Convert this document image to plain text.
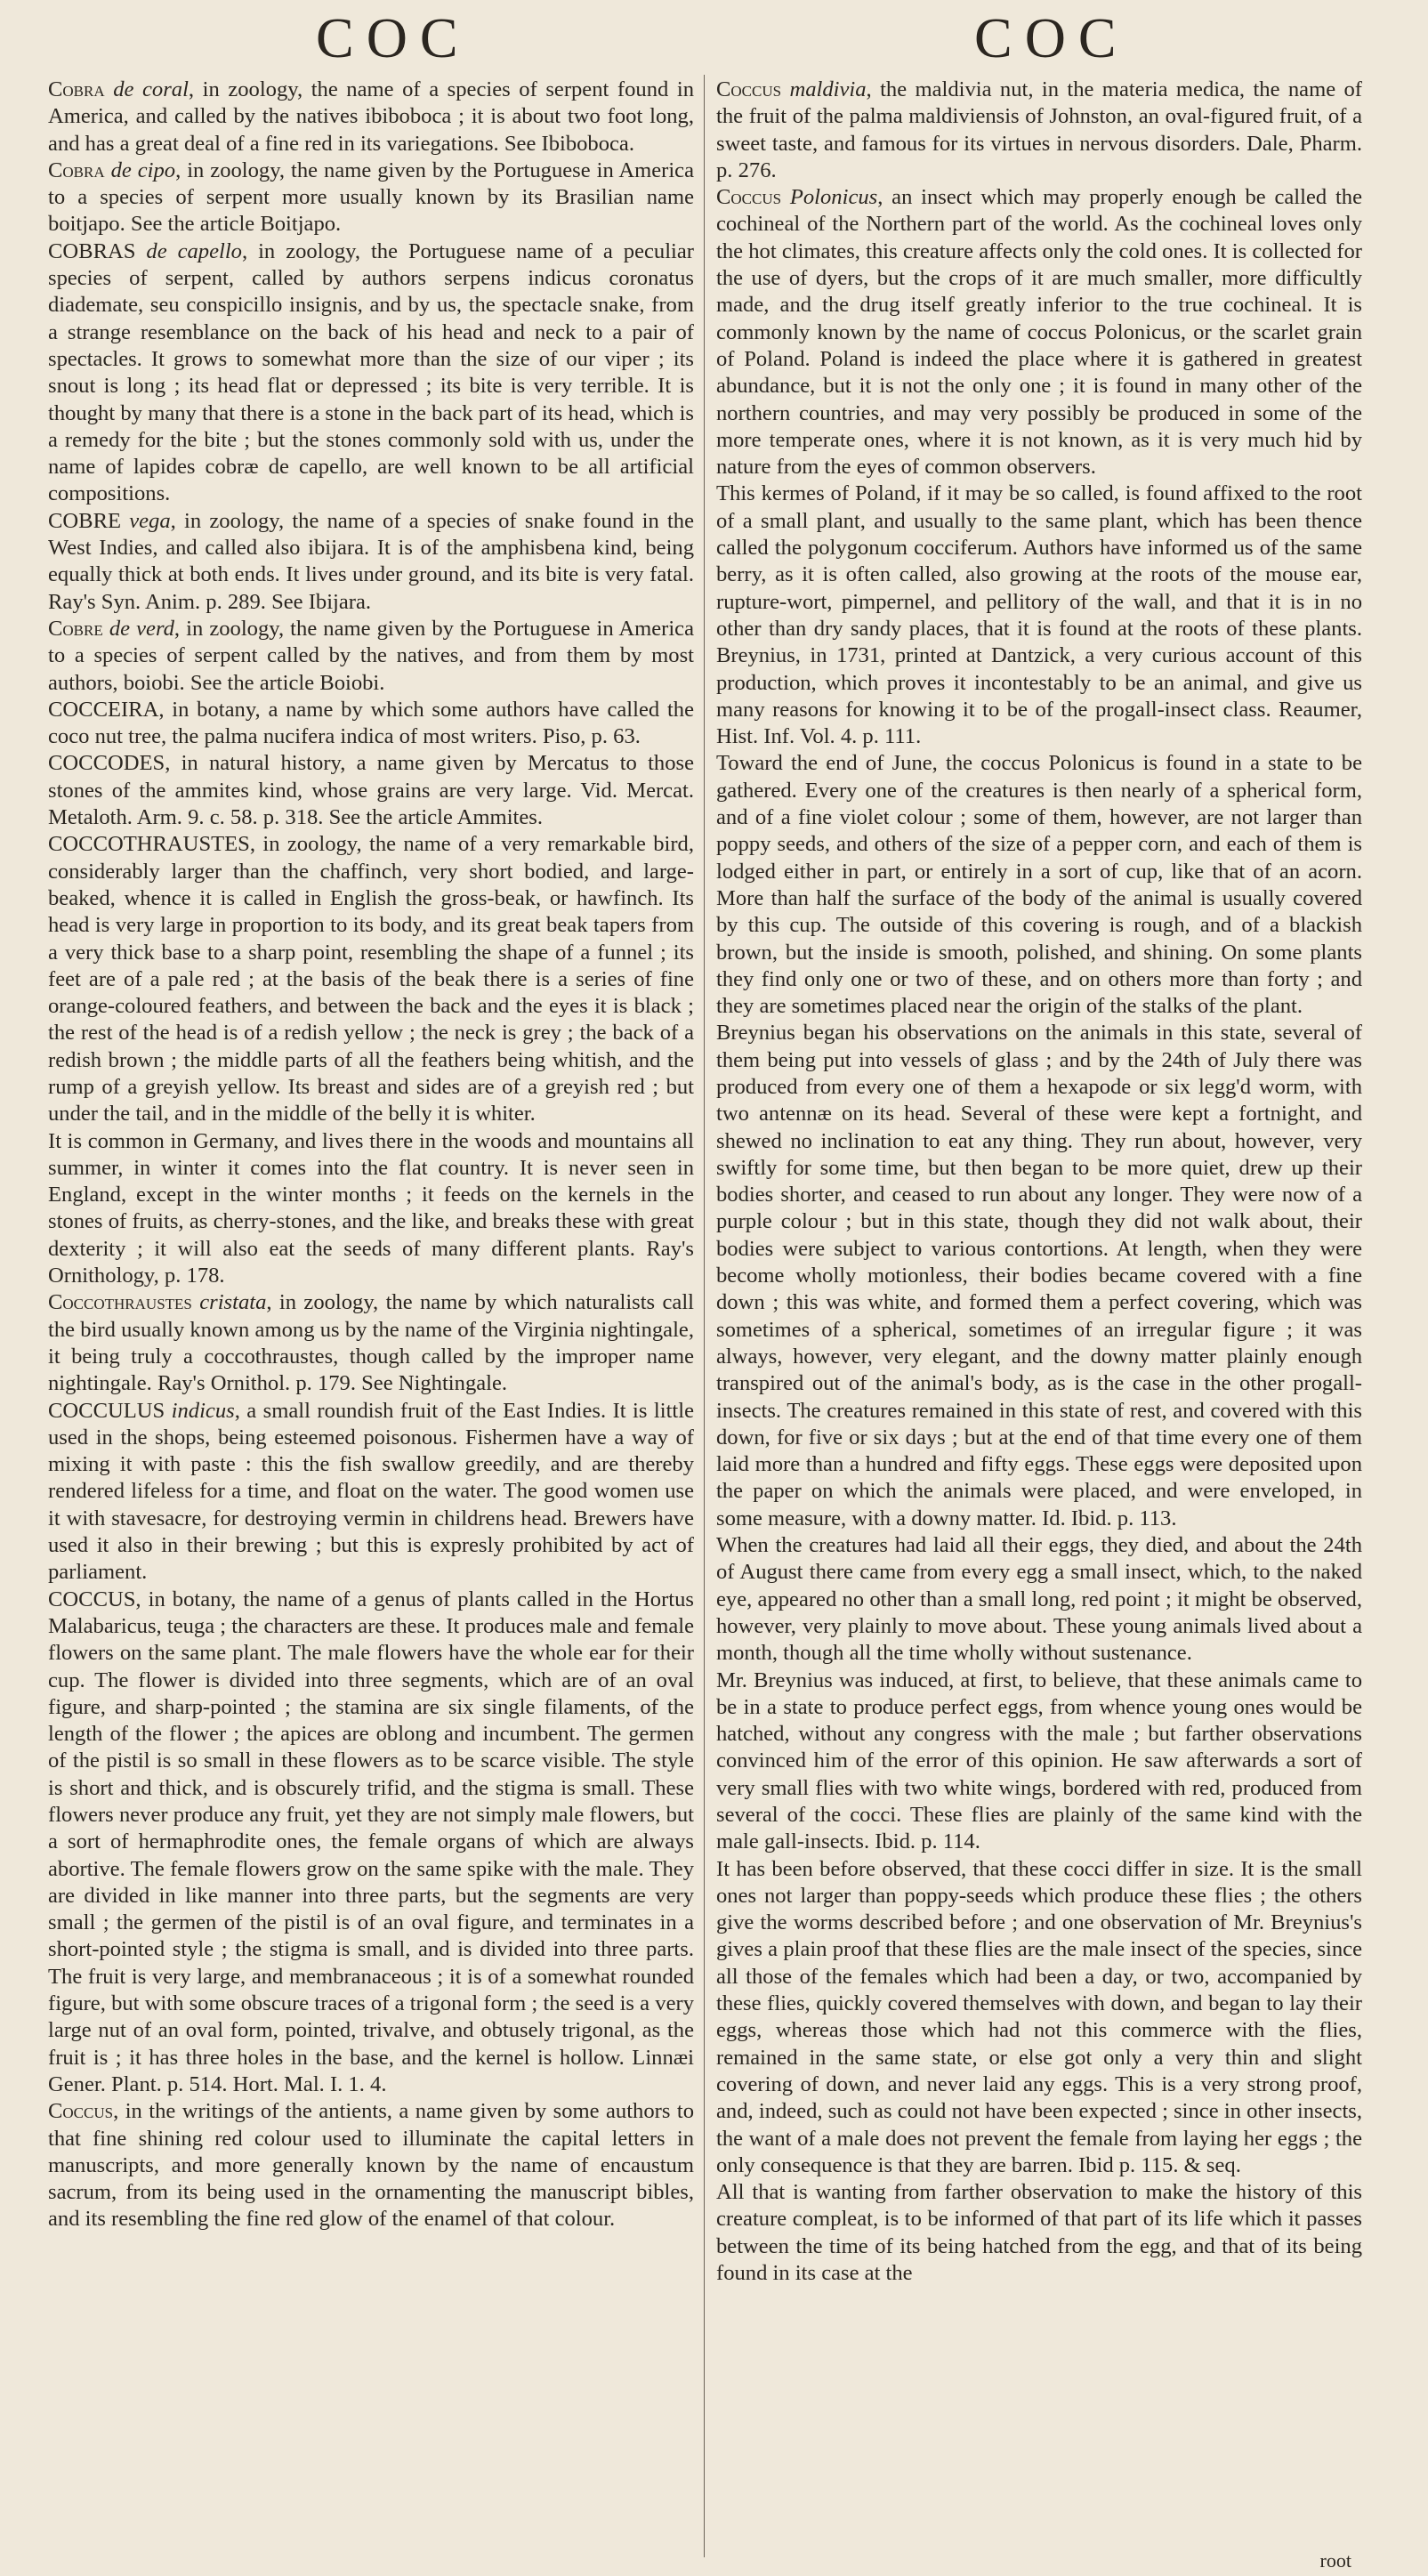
COC	COC
Cobra de coral, in zoology, the name of a species of serpent found in America, and called by the natives ibiboboca ; it is about two foot long, and has a great deal of a fine red in its variegations. See Ibiboboca.
Cobra de cipo, in zoology, the name given by the Portuguese in America to a species of serpent more usually known by its Brasilian name boitjapo. See the article Boitjapo.
COBRAS de capello, in zoology, the Portuguese name of a peculiar species of serpent, called by authors serpens indicus coronatus diademate, seu conspicillo insignis, and by us, the spectacle snake, from a strange resemblance on the back of his head and neck to a pair of spectacles. It grows to somewhat more than the size of our viper ; its snout is long ; its head flat or depressed ; its bite is very terrible. It is thought by many that there is a stone in the back part of its head, which is a remedy for the bite ; but the stones commonly sold with us, under the name of lapides cobræ de capello, are well known to be all artificial compositions.
COBRE vega, in zoology, the name of a species of snake found in the West Indies, and called also ibijara. It is of the amphisbena kind, being equally thick at both ends. It lives under ground, and its bite is very fatal. Ray's Syn. Anim. p. 289. See Ibijara.
Cobre de verd, in zoology, the name given by the Portuguese in America to a species of serpent called by the natives, and from them by most authors, boiobi. See the article Boiobi.
COCCEIRA, in botany, a name by which some authors have called the coco nut tree, the palma nucifera indica of most writers. Piso, p. 63.
COCCODES, in natural history, a name given by Mercatus to those stones of the ammites kind, whose grains are very large. Vid. Mercat. Metaloth. Arm. 9. c. 58. p. 318. See the article Ammites.
COCCOTHRAUSTES, in zoology, the name of a very remarkable bird, considerably larger than the chaffinch, very short bodied, and large-beaked, whence it is called in English the gross-beak, or hawfinch. Its head is very large in proportion to its body, and its great beak tapers from a very thick base to a sharp point, resembling the shape of a funnel ; its feet are of a pale red ; at the basis of the beak there is a series of fine orange-coloured feathers, and between the back and the eyes it is black ; the rest of the head is of a redish yellow ; the neck is grey ; the back of a redish brown ; the middle parts of all the feathers being whitish, and the rump of a greyish yellow. Its breast and sides are of a greyish red ; but under the tail, and in the middle of the belly it is whiter.
It is common in Germany, and lives there in the woods and mountains all summer, in winter it comes into the flat country. It is never seen in England, except in the winter months ; it feeds on the kernels in the stones of fruits, as cherry-stones, and the like, and breaks these with great dexterity ; it will also eat the seeds of many different plants. Ray's Ornithology, p. 178.
Coccothraustes cristata, in zoology, the name by which naturalists call the bird usually known among us by the name of the Virginia nightingale, it being truly a coccothraustes, though called by the improper name nightingale. Ray's Ornithol. p. 179. See Nightingale.
COCCULUS indicus, a small roundish fruit of the East Indies. It is little used in the shops, being esteemed poisonous. Fishermen have a way of mixing it with paste : this the fish swallow greedily, and are thereby rendered lifeless for a time, and float on the water. The good women use it with stavesacre, for destroying vermin in childrens head. Brewers have used it also in their brewing ; but this is expresly prohibited by act of parliament.
COCCUS, in botany, the name of a genus of plants called in the Hortus Malabaricus, teuga ; the characters are these. It produces male and female flowers on the same plant. The male flowers have the whole ear for their cup. The flower is divided into three segments, which are of an oval figure, and sharp-pointed ; the stamina are six single filaments, of the length of the flower ; the apices are oblong and incumbent. The germen of the pistil is so small in these flowers as to be scarce visible. The style is short and thick, and is obscurely trifid, and the stigma is small. These flowers never produce any fruit, yet they are not simply male flowers, but a sort of hermaphrodite ones, the female organs of which are always abortive. The female flowers grow on the same spike with the male. They are divided in like manner into three parts, but the segments are very small ; the germen of the pistil is of an oval figure, and terminates in a short-pointed style ; the stigma is small, and is divided into three parts. The fruit is very large, and membranaceous ; it is of a somewhat rounded figure, but with some obscure traces of a trigonal form ; the seed is a very large nut of an oval form, pointed, trivalve, and obtusely trigonal, as the fruit is ; it has three holes in the base, and the kernel is hollow. Linnæi Gener. Plant. p. 514. Hort. Mal. I. 1. 4.
Coccus, in the writings of the antients, a name given by some authors to that fine shining red colour used to illuminate the capital letters in manuscripts, and more generally known by the name of encaustum sacrum, from its being used in the ornamenting the manuscript bibles, and its resembling the fine red glow of the enamel of that colour.
Coccus maldivia, the maldivia nut, in the materia medica, the name of the fruit of the palma maldiviensis of Johnston, an oval-figured fruit, of a sweet taste, and famous for its virtues in nervous disorders. Dale, Pharm. p. 276.
Coccus Polonicus, an insect which may properly enough be called the cochineal of the Northern part of the world. As the cochineal loves only the hot climates, this creature affects only the cold ones. It is collected for the use of dyers, but the crops of it are much smaller, more difficultly made, and the drug itself greatly inferior to the true cochineal. It is commonly known by the name of coccus Polonicus, or the scarlet grain of Poland. Poland is indeed the place where it is gathered in greatest abundance, but it is not the only one ; it is found in many other of the northern countries, and may very possibly be produced in some of the more temperate ones, where it is not known, as it is very much hid by nature from the eyes of common observers.
This kermes of Poland, if it may be so called, is found affixed to the root of a small plant, and usually to the same plant, which has been thence called the polygonum cocciferum. Authors have informed us of the same berry, as it is often called, also growing at the roots of the mouse ear, rupture-wort, pimpernel, and pellitory of the wall, and that it is in no other than dry sandy places, that it is found at the roots of these plants. Breynius, in 1731, printed at Dantzick, a very curious account of this production, which proves it incontestably to be an animal, and give us many reasons for knowing it to be of the progall-insect class. Reaumer, Hist. Inf. Vol. 4. p. 111.
Toward the end of June, the coccus Polonicus is found in a state to be gathered. Every one of the creatures is then nearly of a spherical form, and of a fine violet colour ; some of them, however, are not larger than poppy seeds, and others of the size of a pepper corn, and each of them is lodged either in part, or entirely in a sort of cup, like that of an acorn. More than half the surface of the body of the animal is usually covered by this cup. The outside of this covering is rough, and of a blackish brown, but the inside is smooth, polished, and shining. On some plants they find only one or two of these, and on others more than forty ; and they are sometimes placed near the origin of the stalks of the plant.
Breynius began his observations on the animals in this state, several of them being put into vessels of glass ; and by the 24th of July there was produced from every one of them a hexapode or six legg'd worm, with two antennæ on its head. Several of these were kept a fortnight, and shewed no inclination to eat any thing. They run about, however, very swiftly for some time, but then began to be more quiet, drew up their bodies shorter, and ceased to run about any longer. They were now of a purple colour ; but in this state, though they did not walk about, their bodies were subject to various contortions. At length, when they were become wholly motionless, their bodies became covered with a fine down ; this was white, and formed them a perfect covering, which was sometimes of a spherical, sometimes of an irregular figure ; it was always, however, very elegant, and the downy matter plainly enough transpired out of the animal's body, as is the case in the other progall-insects. The creatures remained in this state of rest, and covered with this down, for five or six days ; but at the end of that time every one of them laid more than a hundred and fifty eggs. These eggs were deposited upon the paper on which the animals were placed, and were enveloped, in some measure, with a downy matter. Id. Ibid. p. 113.
When the creatures had laid all their eggs, they died, and about the 24th of August there came from every egg a small insect, which, to the naked eye, appeared no other than a small long, red point ; it might be observed, however, very plainly to move about. These young animals lived about a month, though all the time wholly without sustenance.
Mr. Breynius was induced, at first, to believe, that these animals came to be in a state to produce perfect eggs, from whence young ones would be hatched, without any congress with the male ; but farther observations convinced him of the error of this opinion. He saw afterwards a sort of very small flies with two white wings, bordered with red, produced from several of the cocci. These flies are plainly of the same kind with the male gall-insects. Ibid. p. 114.
It has been before observed, that these cocci differ in size. It is the small ones not larger than poppy-seeds which produce these flies ; the others give the worms described before ; and one observation of Mr. Breynius's gives a plain proof that these flies are the male insect of the species, since all those of the females which had been a day, or two, accompanied by these flies, quickly covered themselves with down, and began to lay their eggs, whereas those which had not this commerce with the flies, remained in the same state, or else got only a very thin and slight covering of down, and never laid any eggs. This is a very strong proof, and, indeed, such as could not have been expected ; since in other insects, the want of a male does not prevent the female from laying her eggs ; the only consequence is that they are barren. Ibid p. 115. & seq.
All that is wanting from farther observation to make the history of this creature compleat, is to be informed of that part of its life which it passes between the time of its being hatched from the egg, and that of its being found in its case at the
root
